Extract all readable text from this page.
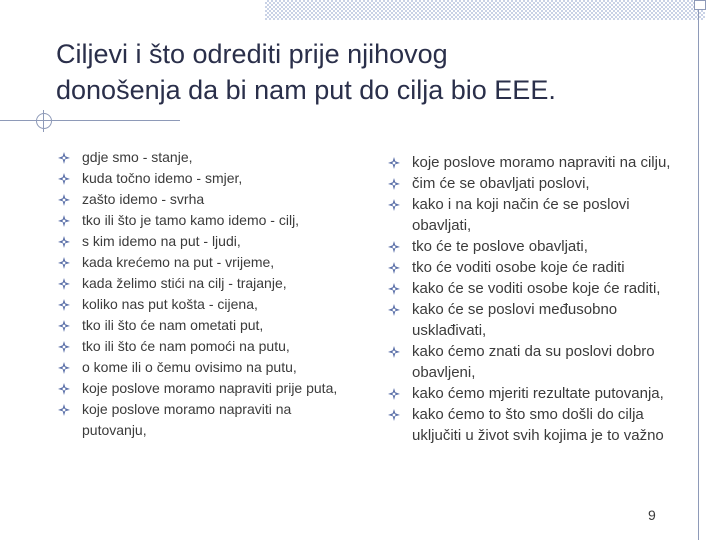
Ciljevi i što odrediti prije njihovog
donošenja da bi nam put do cilja bio EEE.
gdje smo - stanje,
kuda točno idemo - smjer,
zašto idemo - svrha
tko ili što je tamo kamo idemo - cilj,
s kim idemo na put - ljudi,
kada krećemo na put - vrijeme,
kada želimo stići na cilj - trajanje,
koliko nas put košta - cijena,
tko ili što će nam ometati put,
tko ili što će nam pomoći na putu,
o kome ili o čemu ovisimo na putu,
koje poslove moramo napraviti prije puta,
koje poslove moramo napraviti na putovanju,
koje poslove moramo napraviti na cilju,
čim će se obavljati poslovi,
kako i na koji način će se poslovi obavljati,
tko će te poslove obavljati,
tko će voditi osobe koje će raditi
kako će se voditi osobe koje će raditi,
kako će se poslovi međusobno usklađivati,
kako ćemo znati da su poslovi dobro obavljeni,
kako ćemo mjeriti rezultate putovanja,
kako ćemo to što smo došli do cilja uključiti u život svih kojima je to važno
9
